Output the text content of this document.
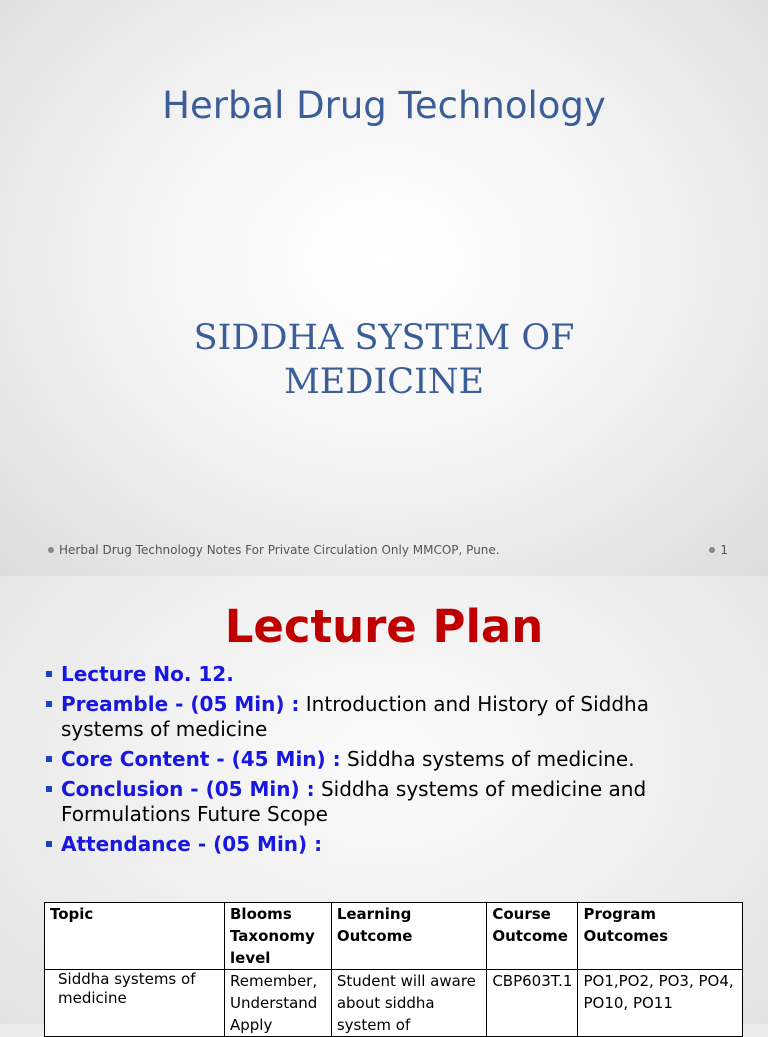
Herbal Drug Technology
SIDDHA SYSTEM OF
MEDICINE
Herbal Drug Technology Notes For Private Circulation Only MMCOP, Pune.	1
Lecture Plan
Lecture No. 12.
Preamble - (05 Min) : Introduction and History of Siddha systems of medicine
Core Content - (45 Min) : Siddha systems of medicine.
Conclusion - (05 Min) : Siddha systems of medicine and Formulations Future Scope
Attendance - (05 Min) :
Topic	Blooms Taxonomy level	Learning Outcome	Course Outcome	Program Outcomes
Siddha systems of medicine	Remember, Understand Apply	Student will aware about siddha system of	CBP603T.1	PO1,PO2, PO3, PO4, PO10, PO11
